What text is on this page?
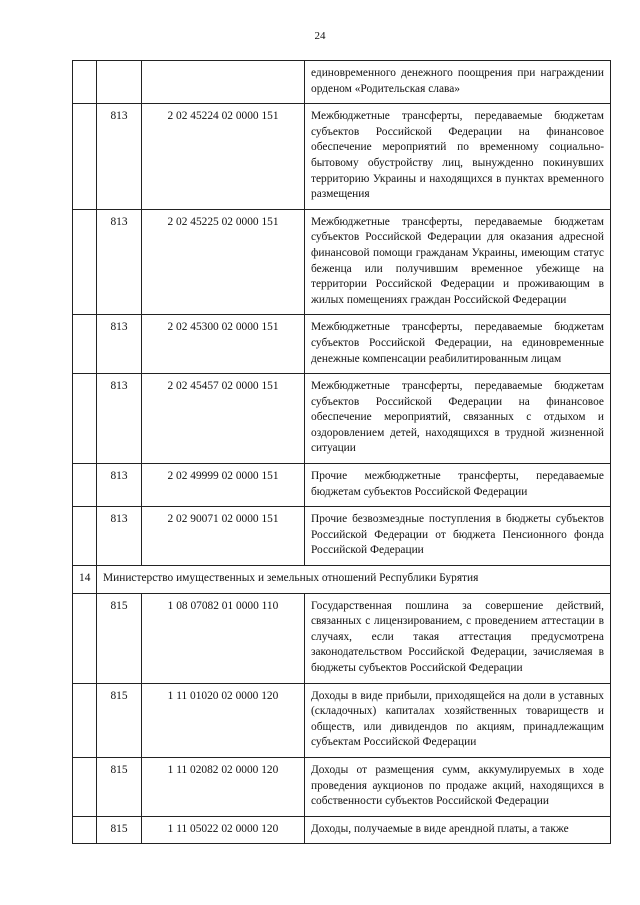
24
			единовременного денежного поощрения при награждении орденом «Родительская слава»
	813	2 02 45224 02 0000 151	Межбюджетные трансферты, передаваемые бюджетам субъектов Российской Федерации на финансовое обеспечение мероприятий по временному социально-бытовому обустройству лиц, вынужденно покинувших территорию Украины и находящихся в пунктах временного размещения
	813	2 02 45225 02 0000 151	Межбюджетные трансферты, передаваемые бюджетам субъектов Российской Федерации для оказания адресной финансовой помощи гражданам Украины, имеющим статус беженца или получившим временное убежище на территории Российской Федерации и проживающим в жилых помещениях граждан Российской Федерации
	813	2 02 45300 02 0000 151	Межбюджетные трансферты, передаваемые бюджетам субъектов Российской Федерации, на единовременные денежные компенсации реабилитированным лицам
	813	2 02 45457 02 0000 151	Межбюджетные трансферты, передаваемые бюджетам субъектов Российской Федерации на финансовое обеспечение мероприятий, связанных с отдыхом и оздоровлением детей, находящихся в трудной жизненной ситуации
	813	2 02 49999 02 0000 151	Прочие межбюджетные трансферты, передаваемые бюджетам субъектов Российской Федерации
	813	2 02 90071 02 0000 151	Прочие безвозмездные поступления в бюджеты субъектов Российской Федерации от бюджета Пенсионного фонда Российской Федерации
14	Министерство имущественных и земельных отношений Республики Бурятия		
	815	1 08 07082 01 0000 110	Государственная пошлина за совершение действий, связанных с лицензированием, с проведением аттестации в случаях, если такая аттестация предусмотрена законодательством Российской Федерации, зачисляемая в бюджеты субъектов Российской Федерации
	815	1 11 01020 02 0000 120	Доходы в виде прибыли, приходящейся на доли в уставных (складочных) капиталах хозяйственных товариществ и обществ, или дивидендов по акциям, принадлежащим субъектам Российской Федерации
	815	1 11 02082 02 0000 120	Доходы от размещения сумм, аккумулируемых в ходе проведения аукционов по продаже акций, находящихся в собственности субъектов Российской Федерации
	815	1 11 05022 02 0000 120	Доходы, получаемые в виде арендной платы, а также
